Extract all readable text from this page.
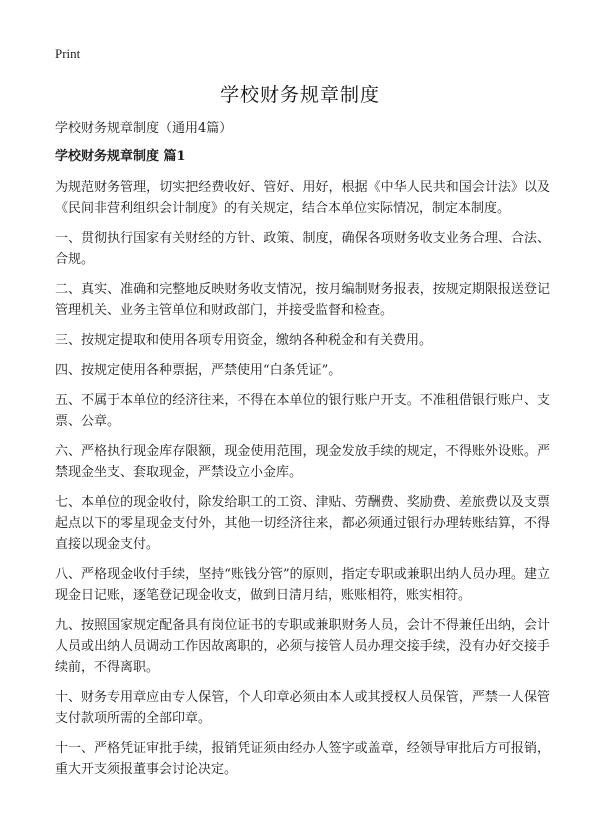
Print
学校财务规章制度

学校财务规章制度（通用4篇）

学校财务规章制度 篇1

为规范财务管理，切实把经费收好、管好、用好，根据《中华人民共和国会计法》以及《民间非营利组织会计制度》的有关规定，结合本单位实际情况，制定本制度。

一、贯彻执行国家有关财经的方针、政策、制度，确保各项财务收支业务合理、合法、合规。

二、真实、准确和完整地反映财务收支情况，按月编制财务报表，按规定期限报送登记管理机关、业务主管单位和财政部门，并接受监督和检查。

三、按规定提取和使用各项专用资金，缴纳各种税金和有关费用。

四、按规定使用各种票据，严禁使用“白条凭证”。

五、不属于本单位的经济往来，不得在本单位的银行账户开支。不准租借银行账户、支票、公章。

六、严格执行现金库存限额，现金使用范围，现金发放手续的规定，不得账外设账。严禁现金坐支、套取现金，严禁设立小金库。

七、本单位的现金收付，除发给职工的工资、津贴、劳酬费、奖励费、差旅费以及支票起点以下的零星现金支付外，其他一切经济往来，都必须通过银行办理转账结算，不得直接以现金支付。

八、严格现金收付手续，坚持“账钱分管”的原则，指定专职或兼职出纳人员办理。建立现金日记账，逐笔登记现金收支，做到日清月结，账账相符，账实相符。

九、按照国家规定配备具有岗位证书的专职或兼职财务人员，会计不得兼任出纳，会计人员或出纳人员调动工作因故离职的，必须与接管人员办理交接手续，没有办好交接手续前，不得离职。

十、财务专用章应由专人保管，个人印章必须由本人或其授权人员保管，严禁一人保管支付款项所需的全部印章。

十一、严格凭证审批手续，报销凭证须由经办人签字或盖章，经领导审批后方可报销，重大开支须报董事会讨论决定。
